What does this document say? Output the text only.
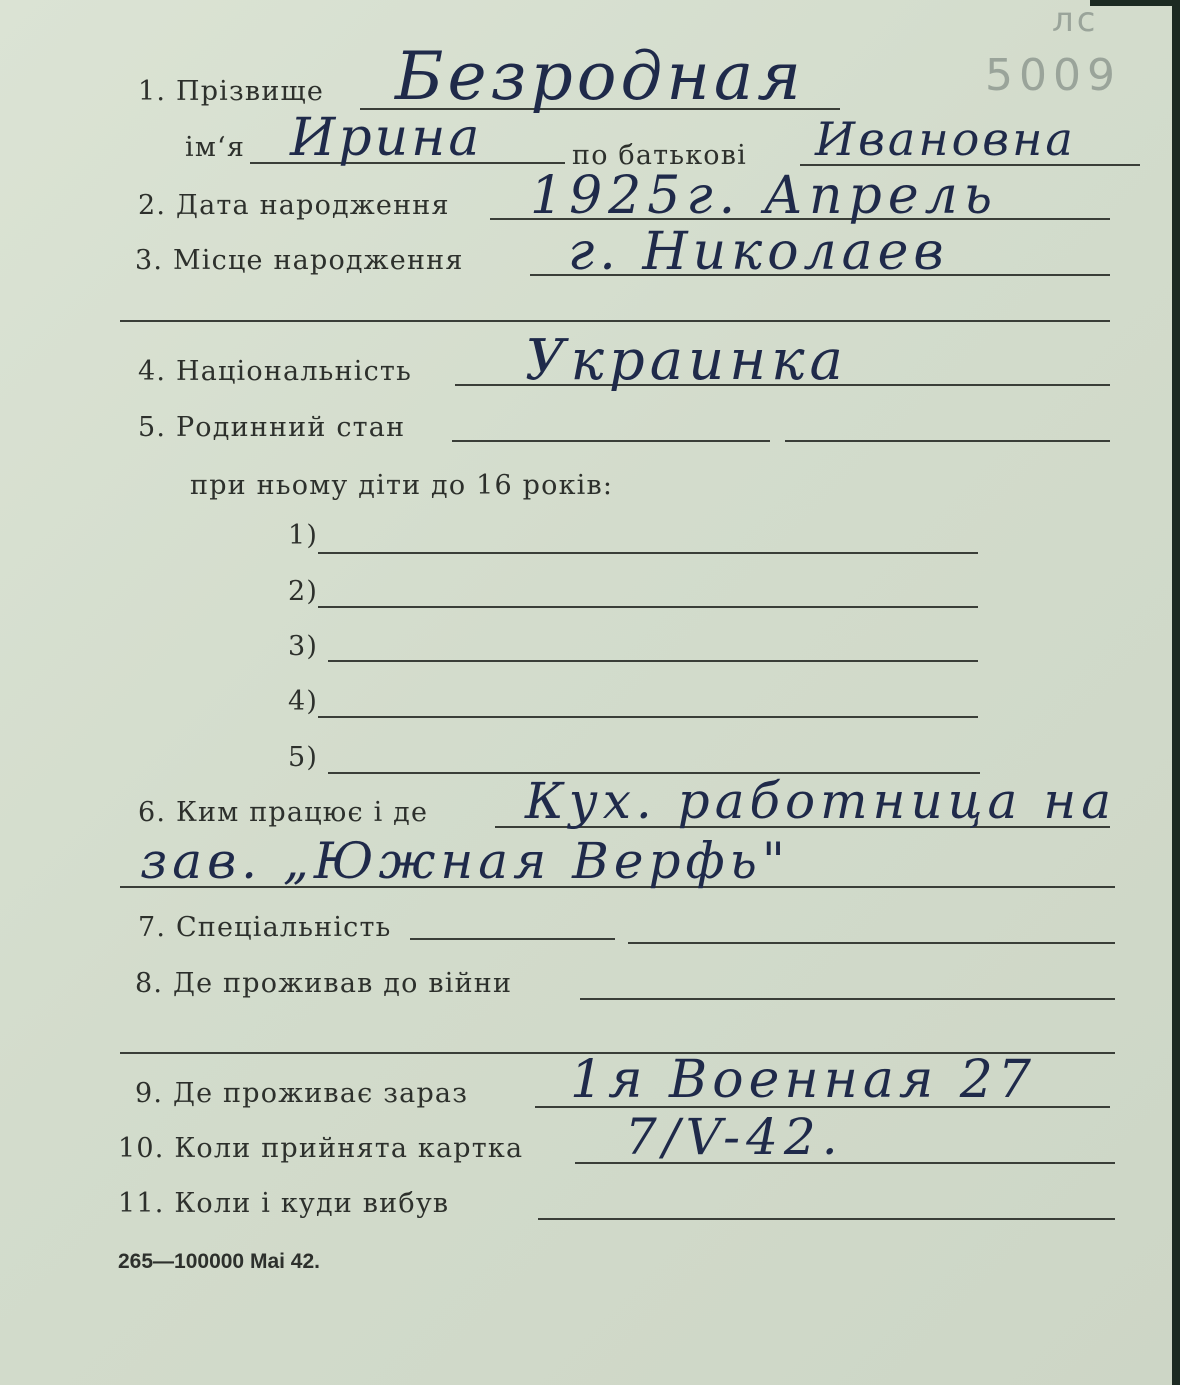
лс
5009
1. Прізвище Безродная
ім‘я Ирина	по батькові Ивановна
2. Дата народження 1925г. Апрель
3. Місце народження г. Николаев
4. Національність Украинка
5. Родинний стан
при ньому діти до 16 років:
1)
2)
3)
4)
5)
6. Ким працює і де Кух. работница на
зав. „Южная Верфь"
7. Спеціальність
8. Де проживав до війни
9. Де проживає зараз 1я Военная 27
10. Коли прийнята картка 7/V-42.
11. Коли і куди вибув
265—100000 Mai 42.
